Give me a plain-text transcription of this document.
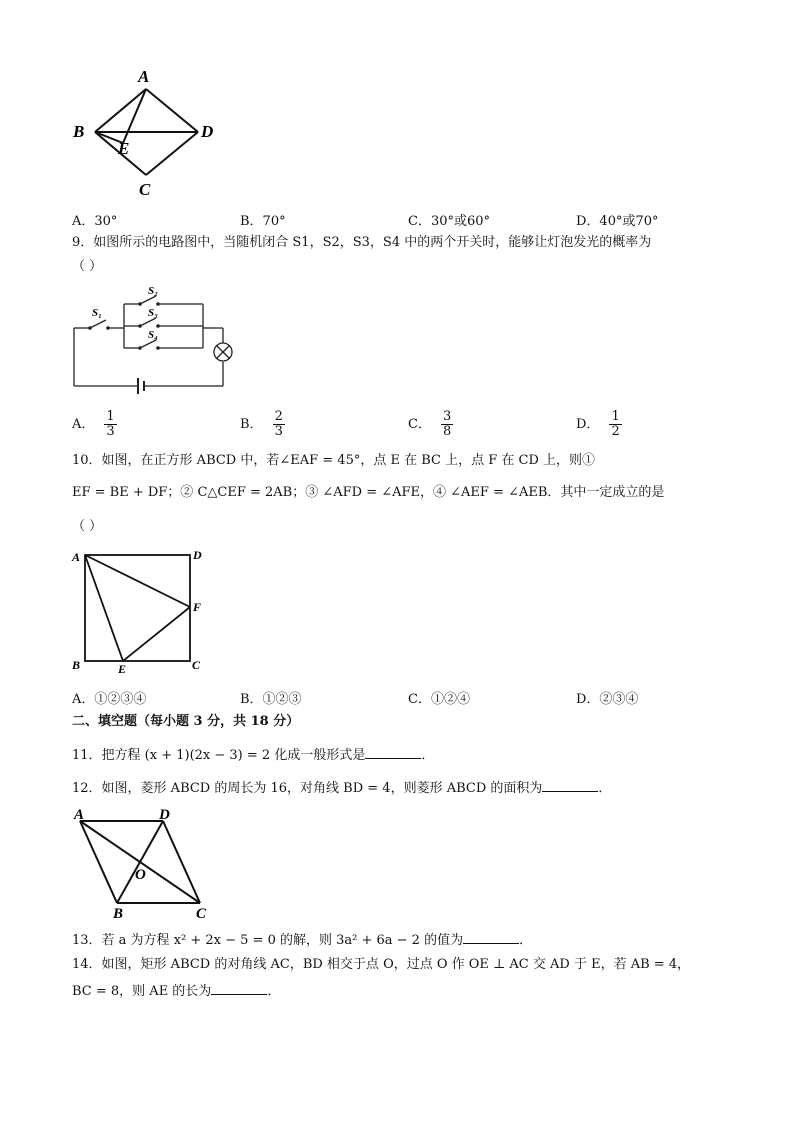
A
B	D
E
C
A．30°	B．70°	C．30°或60°	D．40°或70°
9．如图所示的电路图中，当随机闭合 S1，S2，S3，S4 中的两个开关时，能够让灯泡发光的概率为
（ ）
S₁
S₂
S₃
S₄
A． $\frac{1}{3}$	B． $\frac{2}{3}$	C． $\frac{3}{8}$	D． $\frac{1}{2}$
10．如图，在正方形 ABCD 中，若∠EAF = 45°，点 E 在 BC 上，点 F 在 CD 上，则①
EF = BE + DF；② C△CEF = 2AB；③ ∠AFD = ∠AFE，④ ∠AEF = ∠AEB．其中一定成立的是
（ ）
A	D
F
B	E	C
A．①②③④	B．①②③	C．①②④	D．②③④
二、填空题（每小题 3 分，共 18 分）
11．把方程 (x + 1)(2x − 3) = 2 化成一般形式是	．
12．如图，菱形 ABCD 的周长为 16，对角线 BD = 4，则菱形 ABCD 的面积为	．
A	D
O
B	C
13．若 a 为方程 x² + 2x − 5 = 0 的解，则 3a² + 6a − 2 的值为	．
14．如图，矩形 ABCD 的对角线 AC，BD 相交于点 O，过点 O 作 OE ⊥ AC 交 AD 于 E，若 AB = 4，
BC = 8，则 AE 的长为	．
